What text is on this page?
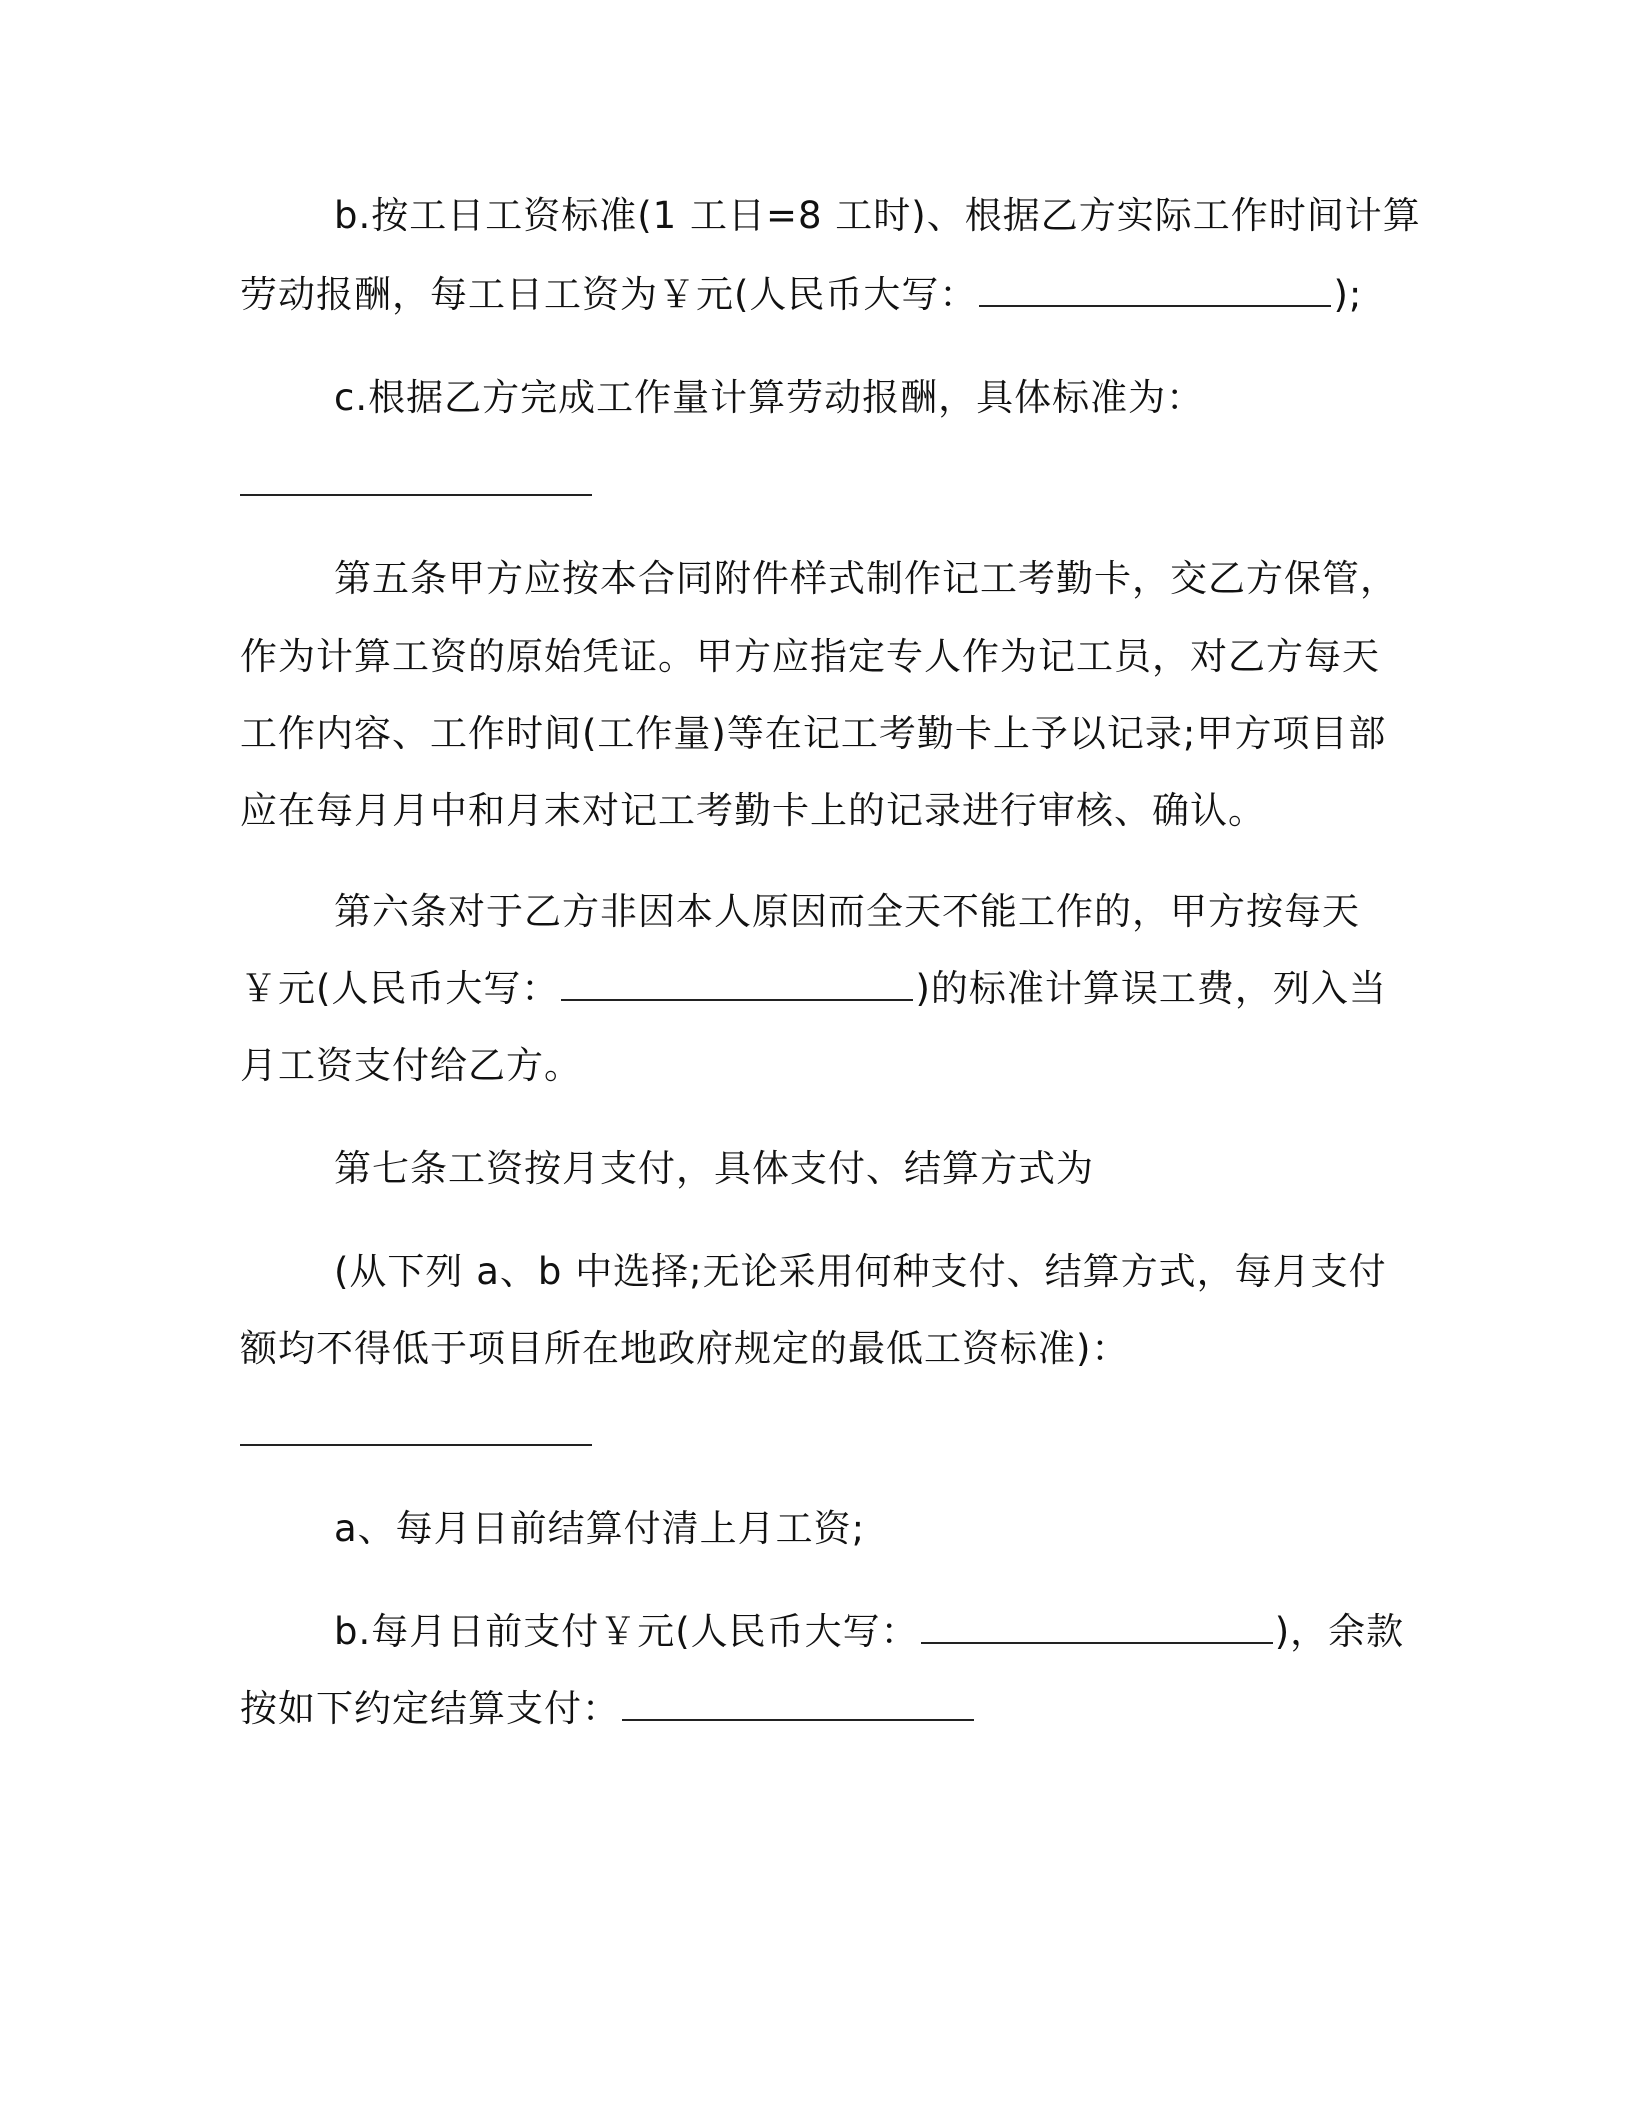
b.按工日工资标准(1 工日=8 工时)、根据乙方实际工作时间计算
劳动报酬，每工日工资为￥元(人民币大写：	);
c.根据乙方完成工作量计算劳动报酬，具体标准为：
第五条甲方应按本合同附件样式制作记工考勤卡，交乙方保管，
作为计算工资的原始凭证。甲方应指定专人作为记工员，对乙方每天
工作内容、工作时间(工作量)等在记工考勤卡上予以记录;甲方项目部
应在每月月中和月末对记工考勤卡上的记录进行审核、确认。
第六条对于乙方非因本人原因而全天不能工作的，甲方按每天
￥元(人民币大写：	)的标准计算误工费，列入当
月工资支付给乙方。
第七条工资按月支付，具体支付、结算方式为
(从下列 a、b 中选择;无论采用何种支付、结算方式，每月支付
额均不得低于项目所在地政府规定的最低工资标准)：
a、每月日前结算付清上月工资;
b.每月日前支付￥元(人民币大写：	)，余款
按如下约定结算支付：
